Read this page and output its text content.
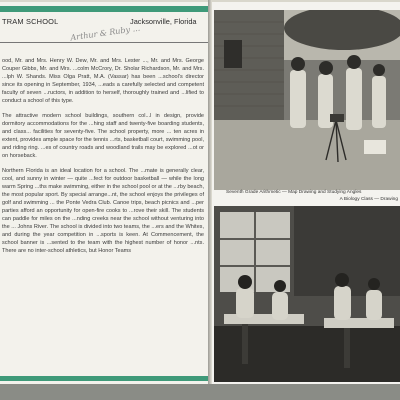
TRAM SCHOOL
Arthur & Ruby ...
Jacksonville, Florida

ood, Mr. and Mrs. Henry W. Dew, Mr. and Mrs. Lester ..., Mr. and Mrs. George Couper Gibbs, Mr. and Mrs. ...colm McCrory, Dr. Sholar Richardson, Mr. and Mrs. ...lph W. Shands. Miss Olga Pratt, M.A. (Vassar) has been ...school's director since its opening in September, 1934, ...eads a carefully selected and competent faculty of seven ...ructors, in addition to herself, thoroughly trained and ...lified to conduct a school of this type.

The attractive modern school buildings, southern col...l in design, provide dormitory accommodations for the ...hing staff and twenty-five boarding students, and class... facilities for seventy-five. The school property, more ... ten acres in extent, provides ample space for the tennis ...rts, basketball court, swimming pool, and riding ring. ...es of country roads and woodland trails may be explored ...ot or on horseback.

Northern Florida is an ideal location for a school. The ...mate is generally clear, cool, and sunny in winter — quite ...fect for outdoor basketball — while the long warm Spring ...ths make swimming, either in the school pool or at the ...rby beach, the most popular sport. By special arrange...nt, the school enjoys the privileges of golf and swimming ... the Ponte Vedra Club. Canoe trips, beach picnics and ...per parties afford an opportunity for open-fire cooks to ...rove their skill. The students can paddle for miles on the ...nding creeks near the school without venturing into the ... Johns River. The school is divided into two teams, the ...ers and the Whites, and during the year competition in ...sports is keen. At Commencement, the school banner is ...sented to the team with the highest number of honor ...nts. There are no inter-school athletics, but Honor Teams

Seventh Grade Arithmetic — Map Drawing and Studying Angles
A Biology Class — Drawing
